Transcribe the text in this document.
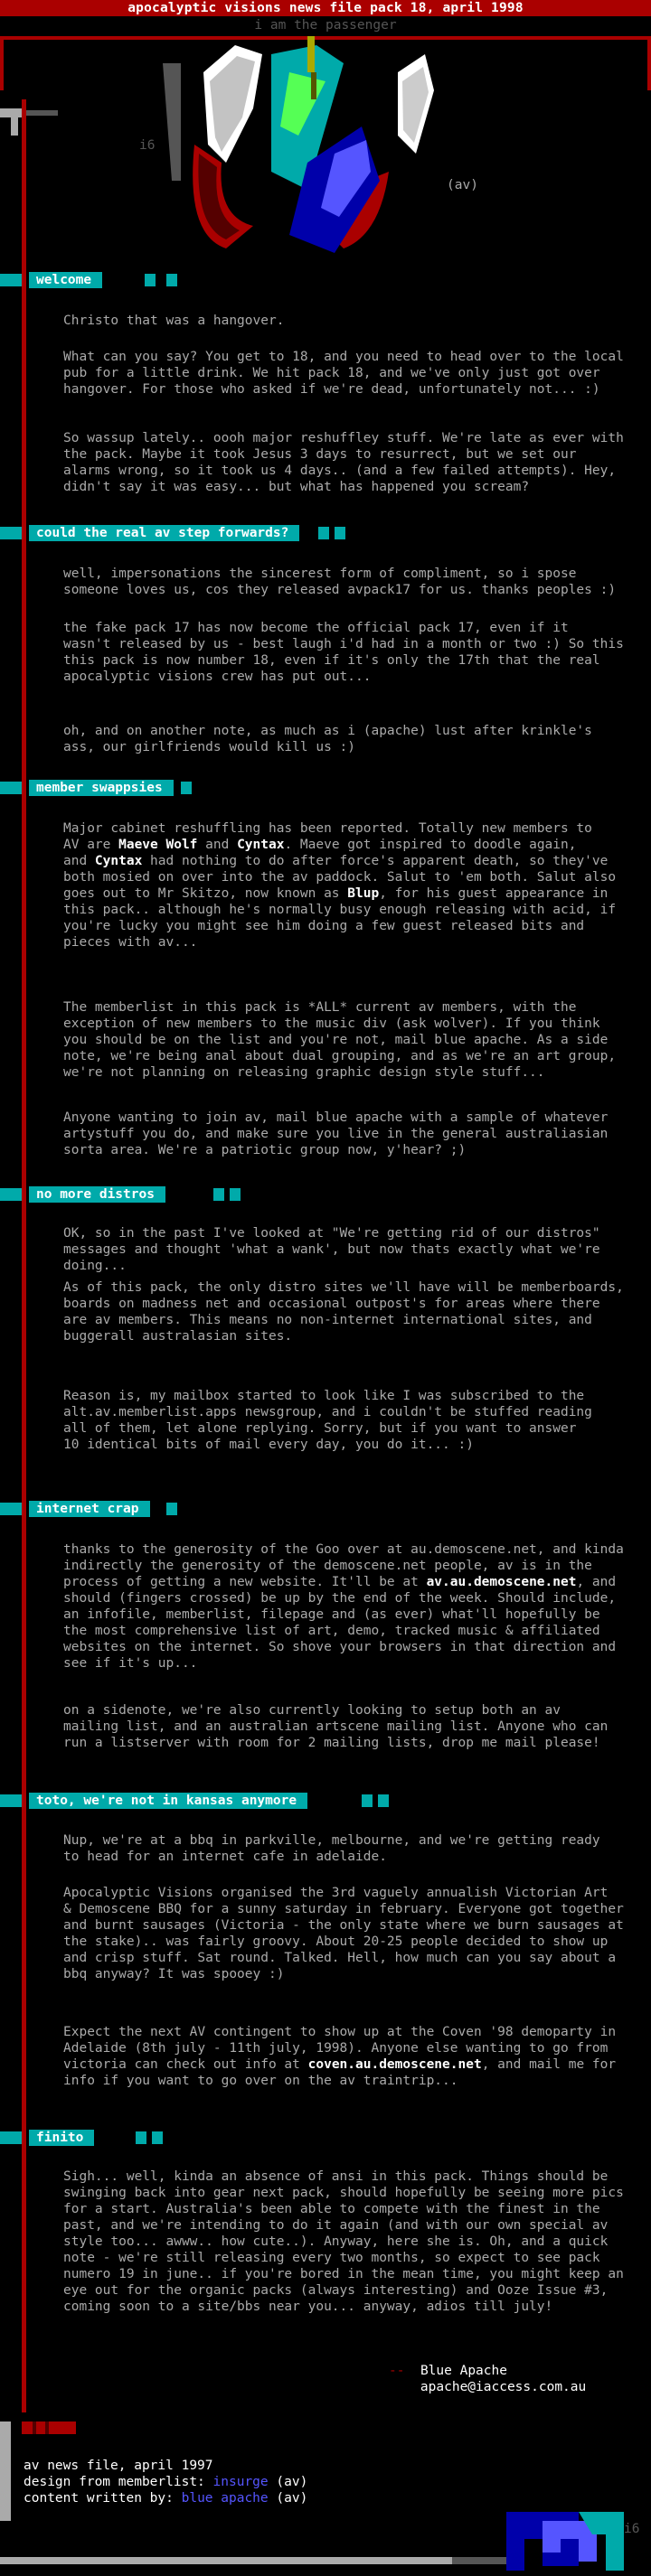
apocalyptic visions news file pack 18, april 1998
i am the passenger
i6
(av)
welcome
Christo that was a hangover.
What can you say? You get to 18, and you need to head over to the local
pub for a little drink. We hit pack 18, and we've only just got over
hangover. For those who asked if we're dead, unfortunately not... :)
So wassup lately.. oooh major reshuffley stuff. We're late as ever with
the pack. Maybe it took Jesus 3 days to resurrect, but we set our
alarms wrong, so it took us 4 days.. (and a few failed attempts). Hey,
didn't say it was easy... but what has happened you scream?
could the real av step forwards?
well, impersonations the sincerest form of compliment, so i spose
someone loves us, cos they released avpack17 for us. thanks peoples :)
the fake pack 17 has now become the official pack 17, even if it
wasn't released by us - best laugh i'd had in a month or two :) So this
this pack is now number 18, even if it's only the 17th that the real
apocalyptic visions crew has put out...
oh, and on another note, as much as i (apache) lust after krinkle's
ass, our girlfriends would kill us :)
member swappsies
Major cabinet reshuffling has been reported. Totally new members to
AV are Maeve Wolf and Cyntax. Maeve got inspired to doodle again,
and Cyntax had nothing to do after force's apparent death, so they've
both mosied on over into the av paddock. Salut to 'em both. Salut also
goes out to Mr Skitzo, now known as Blup, for his guest appearance in
this pack.. although he's normally busy enough releasing with acid, if
you're lucky you might see him doing a few guest released bits and
pieces with av...
The memberlist in this pack is *ALL* current av members, with the
exception of new members to the music div (ask wolver). If you think
you should be on the list and you're not, mail blue apache. As a side
note, we're being anal about dual grouping, and as we're an art group,
we're not planning on releasing graphic design style stuff...
Anyone wanting to join av, mail blue apache with a sample of whatever
artystuff you do, and make sure you live in the general australiasian
sorta area. We're a patriotic group now, y'hear? ;)
no more distros
OK, so in the past I've looked at "We're getting rid of our distros"
messages and thought 'what a wank', but now thats exactly what we're
doing...
As of this pack, the only distro sites we'll have will be memberboards,
boards on madness net and occasional outpost's for areas where there
are av members. This means no non-internet international sites, and
buggerall australasian sites.
Reason is, my mailbox started to look like I was subscribed to the
alt.av.memberlist.apps newsgroup, and i couldn't be stuffed reading
all of them, let alone replying. Sorry, but if you want to answer
10 identical bits of mail every day, you do it... :)
internet crap
thanks to the generosity of the Goo over at au.demoscene.net, and kinda
indirectly the generosity of the demoscene.net people, av is in the
process of getting a new website. It'll be at av.au.demoscene.net, and
should (fingers crossed) be up by the end of the week. Should include,
an infofile, memberlist, filepage and (as ever) what'll hopefully be
the most comprehensive list of art, demo, tracked music & affiliated
websites on the internet. So shove your browsers in that direction and
see if it's up...
on a sidenote, we're also currently looking to setup both an av
mailing list, and an australian artscene mailing list. Anyone who can
run a listserver with room for 2 mailing lists, drop me mail please!
toto, we're not in kansas anymore
Nup, we're at a bbq in parkville, melbourne, and we're getting ready
to head for an internet cafe in adelaide.
Apocalyptic Visions organised the 3rd vaguely annualish Victorian Art
& Demoscene BBQ for a sunny saturday in february. Everyone got together
and burnt sausages (Victoria - the only state where we burn sausages at
the stake).. was fairly groovy. About 20-25 people decided to show up
and crisp stuff. Sat round. Talked. Hell, how much can you say about a
bbq anyway? It was spooey :)
Expect the next AV contingent to show up at the Coven '98 demoparty in
Adelaide (8th july - 11th july, 1998). Anyone else wanting to go from
victoria can check out info at coven.au.demoscene.net, and mail me for
info if you want to go over on the av traintrip...
finito
Sigh... well, kinda an absence of ansi in this pack. Things should be
swinging back into gear next pack, should hopefully be seeing more pics
for a start. Australia's been able to compete with the finest in the
past, and we're intending to do it again (and with our own special av
style too... awww.. how cute..). Anyway, here she is. Oh, and a quick
note - we're still releasing every two months, so expect to see pack
numero 19 in june.. if you're bored in the mean time, you might keep an
eye out for the organic packs (always interesting) and Ooze Issue #3,
coming soon to a site/bbs near you... anyway, adios till july!
-- Blue Apache
apache@iaccess.com.au
av news file, april 1997
design from memberlist: insurge (av)
content written by: blue apache (av)
i6
